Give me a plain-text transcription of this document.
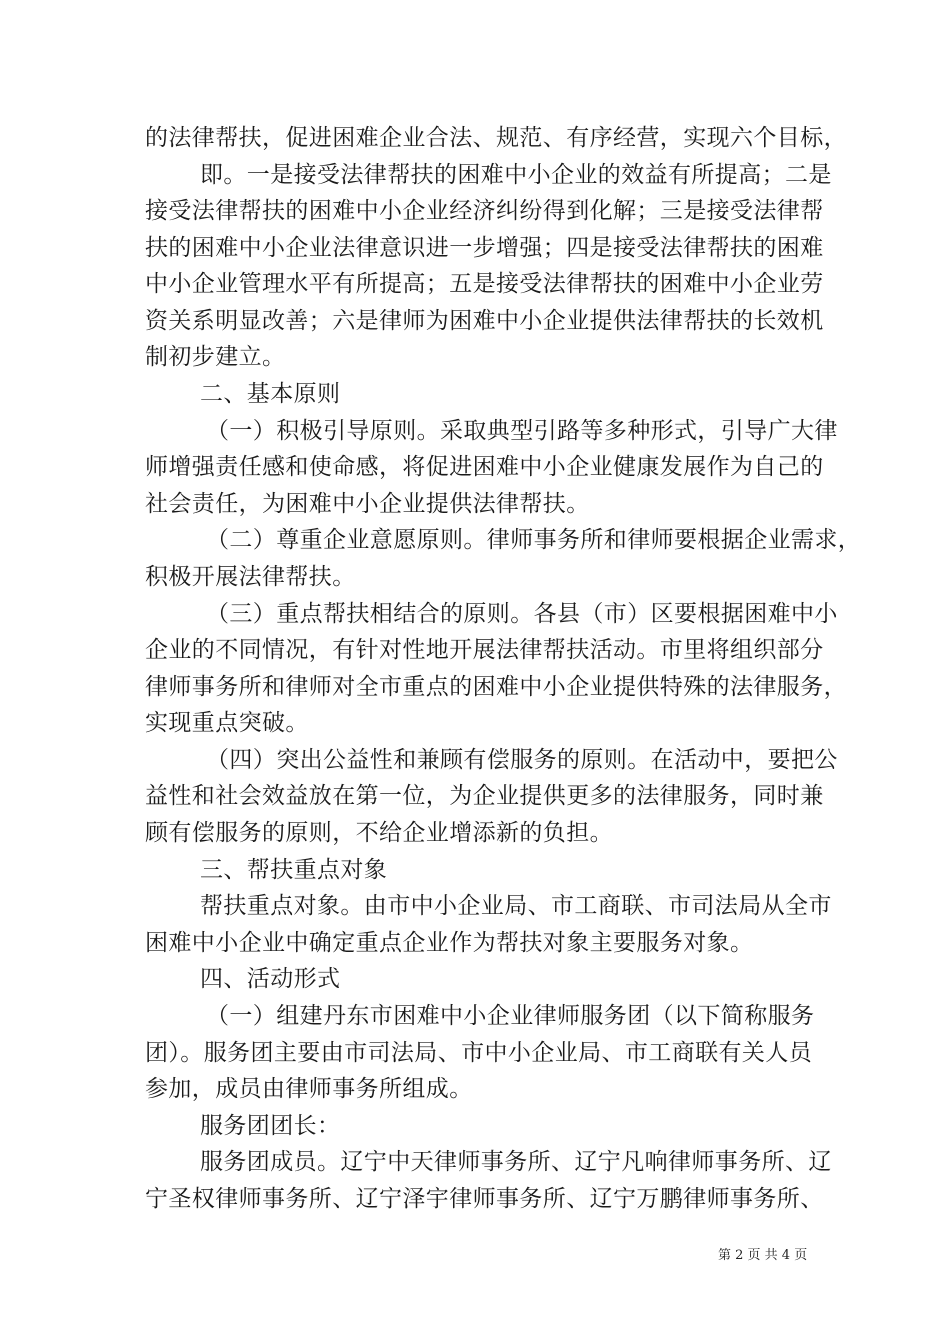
的法律帮扶，促进困难企业合法、规范、有序经营，实现六个目标，
即。一是接受法律帮扶的困难中小企业的效益有所提高；二是
接受法律帮扶的困难中小企业经济纠纷得到化解；三是接受法律帮
扶的困难中小企业法律意识进一步增强；四是接受法律帮扶的困难
中小企业管理水平有所提高；五是接受法律帮扶的困难中小企业劳
资关系明显改善；六是律师为困难中小企业提供法律帮扶的长效机
制初步建立。
二、基本原则
（一）积极引导原则。采取典型引路等多种形式，引导广大律
师增强责任感和使命感，将促进困难中小企业健康发展作为自己的
社会责任，为困难中小企业提供法律帮扶。
（二）尊重企业意愿原则。律师事务所和律师要根据企业需求，
积极开展法律帮扶。
（三）重点帮扶相结合的原则。各县（市）区要根据困难中小
企业的不同情况，有针对性地开展法律帮扶活动。市里将组织部分
律师事务所和律师对全市重点的困难中小企业提供特殊的法律服务，
实现重点突破。
（四）突出公益性和兼顾有偿服务的原则。在活动中，要把公
益性和社会效益放在第一位，为企业提供更多的法律服务，同时兼
顾有偿服务的原则，不给企业增添新的负担。
三、帮扶重点对象
帮扶重点对象。由市中小企业局、市工商联、市司法局从全市
困难中小企业中确定重点企业作为帮扶对象主要服务对象。
四、活动形式
（一）组建丹东市困难中小企业律师服务团（以下简称服务
团）。服务团主要由市司法局、市中小企业局、市工商联有关人员
参加，成员由律师事务所组成。
服务团团长：
服务团成员。辽宁中天律师事务所、辽宁凡响律师事务所、辽
宁圣权律师事务所、辽宁泽宇律师事务所、辽宁万鹏律师事务所、
第 2 页 共 4 页
